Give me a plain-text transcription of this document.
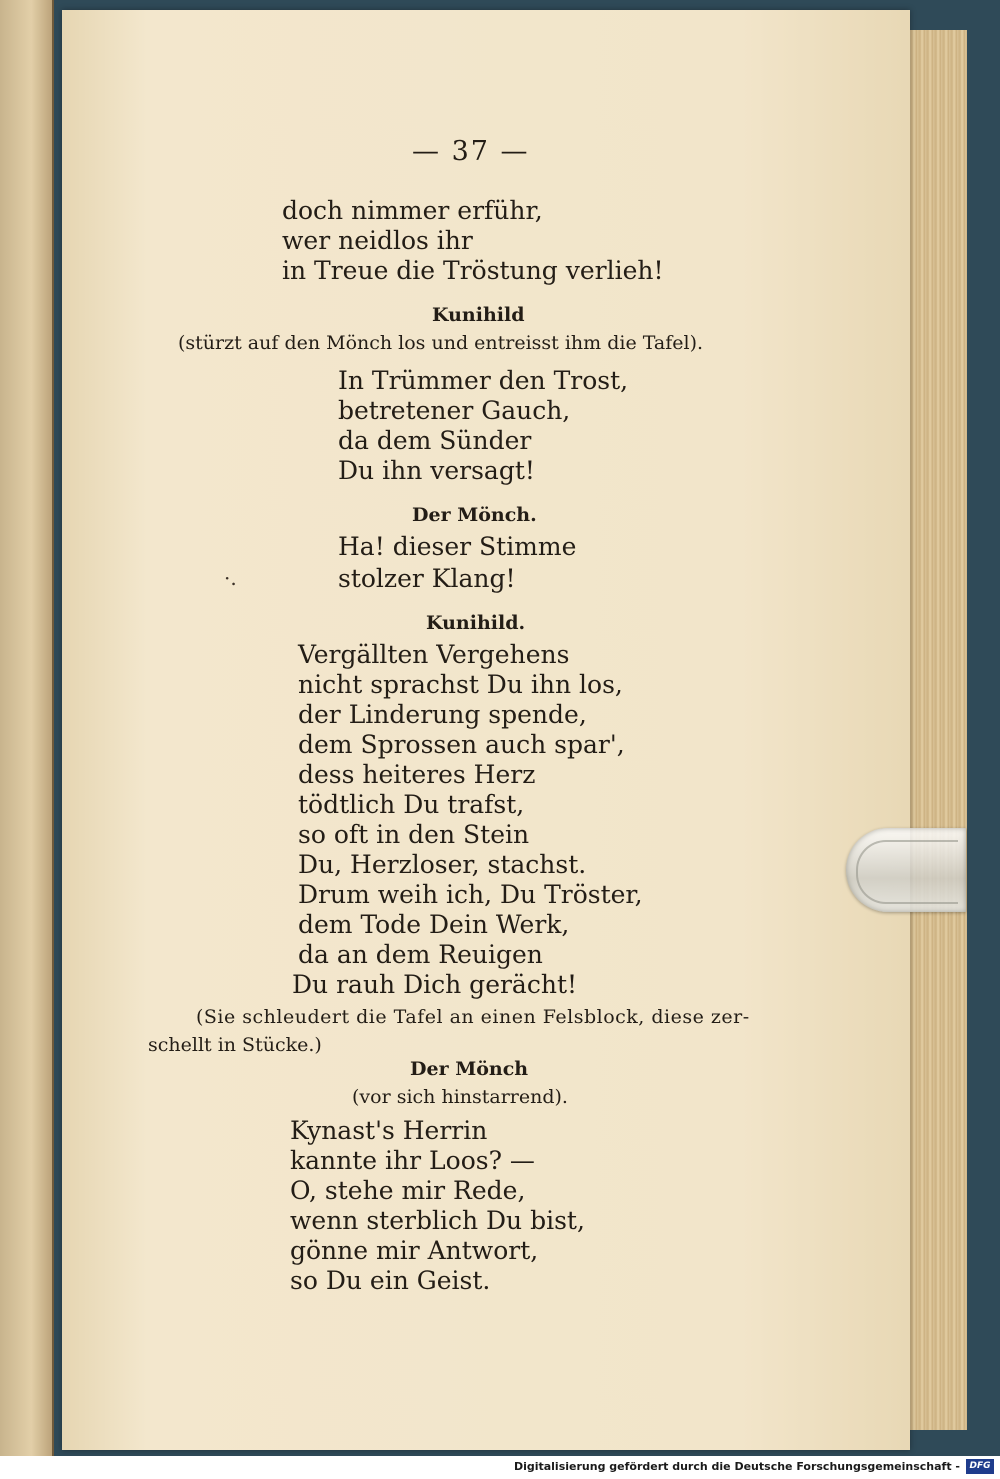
— 37 —
doch nimmer erführ,
wer neidlos ihr
in Treue die Tröstung verlieh!
Kunihild
(stürzt auf den Mönch los und entreisst ihm die Tafel).
In Trümmer den Trost,
betretener Gauch,
da dem Sünder
Du ihn versagt!
Der Mönch.
Ha! dieser Stimme
stolzer Klang!
·.
Kunihild.
Vergällten Vergehens
nicht sprachst Du ihn los,
der Linderung spende,
dem Sprossen auch spar',
dess heiteres Herz
tödtlich Du trafst,
so oft in den Stein
Du, Herzloser, stachst.
Drum weih ich, Du Tröster,
dem Tode Dein Werk,
da an dem Reuigen
Du rauh Dich gerächt!
(Sie schleudert die Tafel an einen Felsblock, diese zer-
schellt in Stücke.)
Der Mönch
(vor sich hinstarrend).
Kynast's Herrin
kannte ihr Loos? —
O, stehe mir Rede,
wenn sterblich Du bist,
gönne mir Antwort,
so Du ein Geist.
Digitalisierung gefördert durch die Deutsche Forschungsgemeinschaft -	DFG
